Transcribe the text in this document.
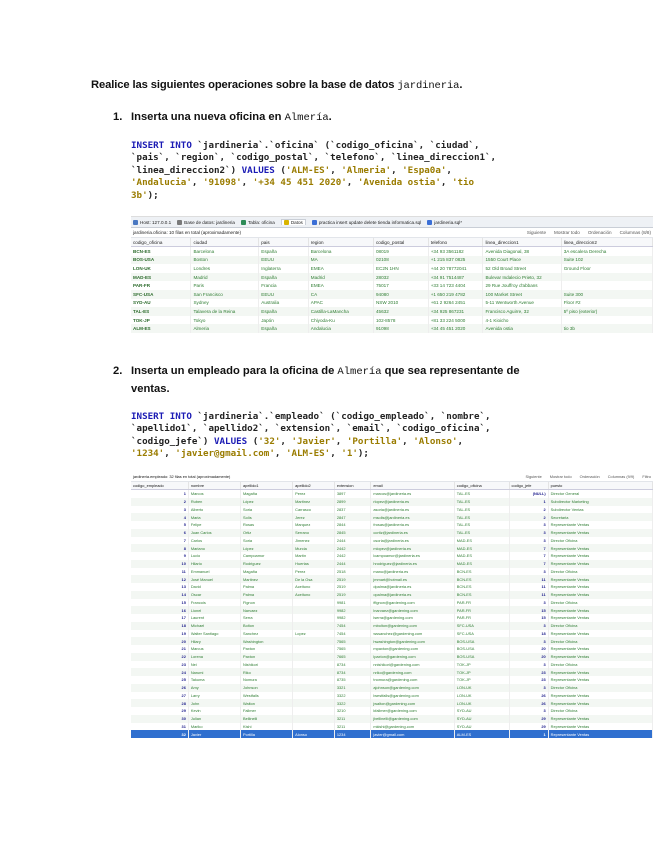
Realice las siguientes operaciones sobre la base de datos jardineria.
1. Inserta una nueva oficina en Almería.
INSERT INTO `jardineria`.`oficina` (`codigo_oficina`, `ciudad`,
`pais`, `region`, `codigo_postal`, `telefono`, `linea_direccion1`,
`linea_direccion2`) VALUES ('ALM-ES', 'Almeria', 'Espa0a',
'Andalucia', '91098', '+34 45 451 2020', 'Avenida ostia', 'tio
3b');
Host: 127.0.0.1	Base de datos: jardineria	Tabla: oficina	Datos	practica insert update delete tienda informatica.sql	jardineria.sql*
jardineria.oficina: 10 filas en total (aproximadamente)	Siguiente Mostrar todo Ordenación Columnas (8/8)
codigo_oficina	ciudad	pais	region	codigo_postal	telefono	linea_direccion1	linea_direccion2
BCN-ES	Barcelona	España	Barcelona	08019	+34 93 3561182	Avenida Diagonal, 38	3A escalera Derecha
BOS-USA	Boston	EEUU	MA	02108	+1 215 837 0825	1550 Court Place	Suite 102
LON-UK	Londres	Inglaterra	EMEA	EC2N 1HN	+44 20 78772041	52 Old Broad Street	Ground Floor
MAD-ES	Madrid	España	Madrid	28032	+34 91 7514487	Bulevar Indalecio Prieto, 32	
PAR-FR	Paris	Francia	EMEA	75017	+33 14 723 4404	29 Rue Jouffroy d'abbans	
SFC-USA	San Francisco	EEUU	CA	94080	+1 650 219 4782	100 Market Street	Suite 300
SYD-AU	Sydney	Australia	APAC	NSW 2010	+61 2 9264 2451	5-11 Wentworth Avenue	Floor #2
TAL-ES	Talavera de la Reina	España	Castilla-LaMancha	45632	+34 925 867231	Francisco Aguirre, 32	5º piso (exterior)
TOK-JP	Tokyo	Japón	Chiyoda-Ku	102-8578	+81 33 224 5000	4-1 Kioicho	
ALM-ES	Almeria	España	Andalucia	91098	+34 45 451 2020	Avenida ostia	tio 3b
2. Inserta un empleado para la oficina de Almería que sea representante de
ventas.
INSERT INTO `jardineria`.`empleado` (`codigo_empleado`, `nombre`,
`apellido1`, `apellido2`, `extension`, `email`, `codigo_oficina`,
`codigo_jefe`) VALUES ('32', 'Javier', 'Portilla', 'Alonso',
'1234', 'javier@gmail.com', 'ALM-ES', '1');
jardineria.empleado: 32 filas en total (aproximadamente)	Siguiente Mostrar todo Ordenación Columnas (9/9) Filtro
codigo_empleado	nombre	apellido1	apellido2	extension	email	codigo_oficina	codigo_jefe	puesto
1	Marcos	Magaña	Perez	3897	marcos@jardineria.es	TAL-ES	(NULL)	Director General
2	Ruben	López	Martinez	2899	rlopez@jardineria.es	TAL-ES	1	Subdirector Marketing
3	Alberto	Soria	Carrasco	2837	asoria@jardineria.es	TAL-ES	2	Subdirector Ventas
4	Maria	Solís	Jerez	2847	msolis@jardineria.es	TAL-ES	2	Secretaria
5	Felipe	Rosas	Marquez	2844	frosas@jardineria.es	TAL-ES	3	Representante Ventas
6	Juan Carlos	Ortiz	Serrano	2845	cortiz@jardineria.es	TAL-ES	3	Representante Ventas
7	Carlos	Soria	Jimenez	2444	csoria@jardineria.es	MAD-ES	3	Director Oficina
8	Mariano	López	Murcia	2442	mlopez@jardineria.es	MAD-ES	7	Representante Ventas
9	Lucio	Campoamor	Martín	2442	lcampoamor@jardineria.es	MAD-ES	7	Representante Ventas
10	Hilario	Rodriguez	Huertas	2444	hrodriguez@jardineria.es	MAD-ES	7	Representante Ventas
11	Emmanuel	Magaña	Perez	2518	manu@jardineria.es	BCN-ES	3	Director Oficina
12	José Manuel	Martinez	De la Osa	2519	jmmart@hotmail.es	BCN-ES	11	Representante Ventas
13	David	Palma	Aceituno	2519	dpalma@jardineria.es	BCN-ES	11	Representante Ventas
14	Oscar	Palma	Aceituno	2519	opalma@jardineria.es	BCN-ES	11	Representante Ventas
15	Francois	Fignon		9981	ffignon@gardening.com	PAR-FR	3	Director Oficina
16	Lionel	Narvaez		9982	lnarvaez@gardening.com	PAR-FR	15	Representante Ventas
17	Laurent	Serra		9982	lserra@gardening.com	PAR-FR	15	Representante Ventas
18	Michael	Bolton		7454	mbolton@gardening.com	SFC-USA	3	Director Oficina
19	Walter Santiago	Sanchez	Lopez	7454	wssanchez@gardening.com	SFC-USA	18	Representante Ventas
20	Hilary	Washington		7565	hwashington@gardening.com	BOS-USA	3	Director Oficina
21	Marcus	Paxton		7565	mpaxton@gardening.com	BOS-USA	20	Representante Ventas
22	Lorena	Paxton		7665	lpaxton@gardening.com	BOS-USA	20	Representante Ventas
23	Nei	Nishikori		8734	nnishikori@gardening.com	TOK-JP	3	Director Oficina
24	Narumi	Riko		8734	nriko@gardening.com	TOK-JP	23	Representante Ventas
25	Takuma	Nomura		8735	tnomura@gardening.com	TOK-JP	23	Representante Ventas
26	Amy	Johnson		3321	ajohnson@gardening.com	LON-UK	3	Director Oficina
27	Larry	Westfalls		3322	lwestfalls@gardening.com	LON-UK	26	Representante Ventas
28	John	Walton		3322	jwalton@gardening.com	LON-UK	26	Representante Ventas
29	Kevin	Fallmer		3210	kfallmer@gardening.com	SYD-AU	3	Director Oficina
30	Julian	Bellinelli		3211	jbellinelli@gardening.com	SYD-AU	29	Representante Ventas
31	Mariko	Kishi		3211	mkishi@gardening.com	SYD-AU	29	Representante Ventas
32	Javier	Portilla	Alonso	1234	javier@gmail.com	ALM-ES	1	Representante Ventas
